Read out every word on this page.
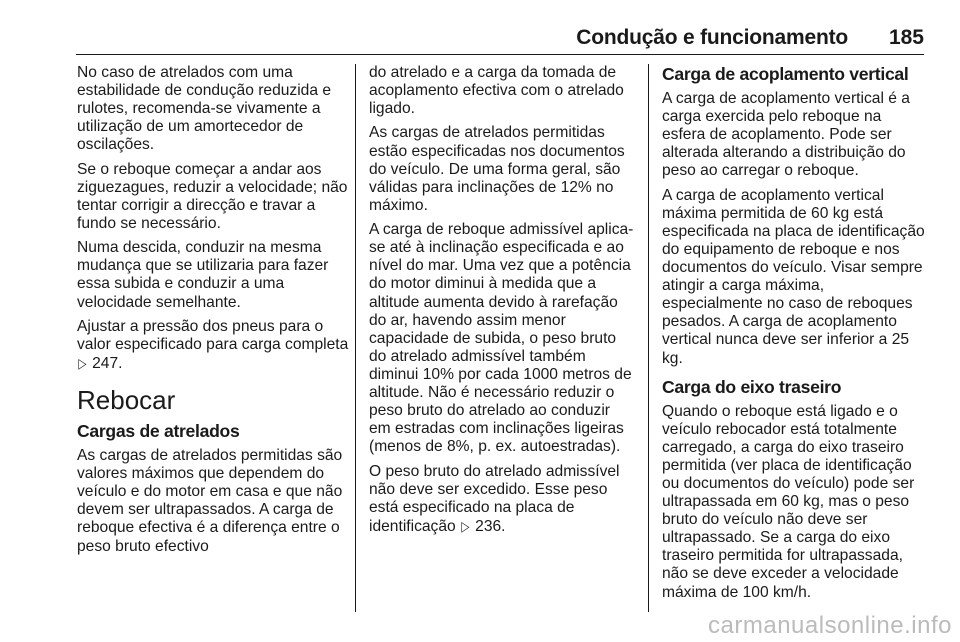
Condução e funcionamento 185

No caso de atrelados com uma estabilidade de condução reduzida e rulotes, recomenda-se vivamente a utilização de um amortecedor de oscilações.

Se o reboque começar a andar aos ziguezagues, reduzir a velocidade; não tentar corrigir a direcção e travar a fundo se necessário.

Numa descida, conduzir na mesma mudança que se utilizaria para fazer essa subida e conduzir a uma velocidade semelhante.

Ajustar a pressão dos pneus para o valor especificado para carga completa ▷ 247.

Rebocar
Cargas de atrelados

As cargas de atrelados permitidas são valores máximos que dependem do veículo e do motor em casa e que não devem ser ultrapassados. A carga de reboque efectiva é a diferença entre o peso bruto efectivo

do atrelado e a carga da tomada de acoplamento efectiva com o atrelado ligado.

As cargas de atrelados permitidas estão especificadas nos documentos do veículo. De uma forma geral, são válidas para inclinações de 12% no máximo.

A carga de reboque admissível aplica-se até à inclinação especificada e ao nível do mar. Uma vez que a potência do motor diminui à medida que a altitude aumenta devido à rarefação do ar, havendo assim menor capacidade de subida, o peso bruto do atrelado admissível também diminui 10% por cada 1000 metros de altitude. Não é necessário reduzir o peso bruto do atrelado ao conduzir em estradas com inclinações ligeiras (menos de 8%, p. ex. autoestradas).

O peso bruto do atrelado admissível não deve ser excedido. Esse peso está especificado na placa de identificação ▷ 236.

Carga de acoplamento vertical

A carga de acoplamento vertical é a carga exercida pelo reboque na esfera de acoplamento. Pode ser alterada alterando a distribuição do peso ao carregar o reboque.

A carga de acoplamento vertical máxima permitida de 60 kg está especificada na placa de identificação do equipamento de reboque e nos documentos do veículo. Visar sempre atingir a carga máxima, especialmente no caso de reboques pesados. A carga de acoplamento vertical nunca deve ser inferior a 25 kg.

Carga do eixo traseiro

Quando o reboque está ligado e o veículo rebocador está totalmente carregado, a carga do eixo traseiro permitida (ver placa de identificação ou documentos do veículo) pode ser ultrapassada em 60 kg, mas o peso bruto do veículo não deve ser ultrapassado. Se a carga do eixo traseiro permitida for ultrapassada, não se deve exceder a velocidade máxima de 100 km/h.

carmanualsonline.info
